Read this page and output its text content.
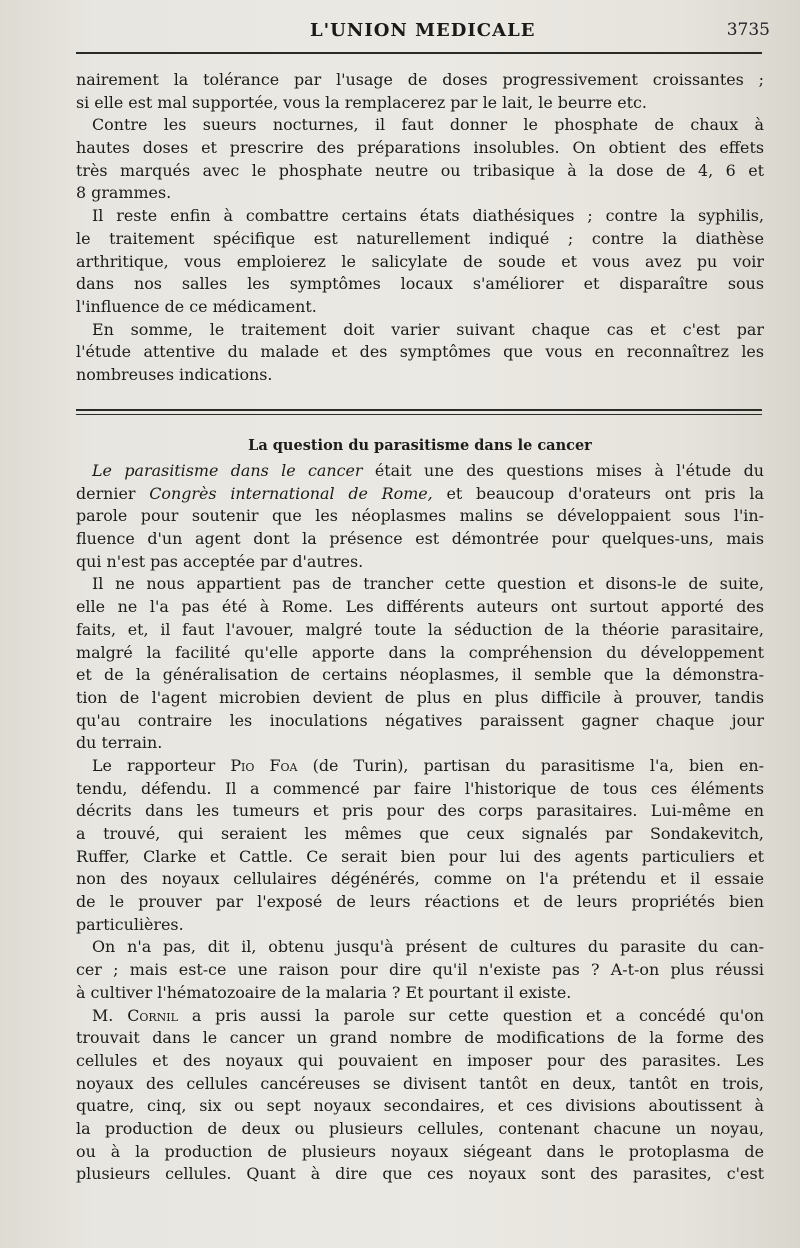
L'UNION MEDICALE	3735
nairement la tolérance par l'usage de doses progressivement croissantes ;
si elle est mal supportée, vous la remplacerez par le lait, le beurre etc.
Contre les sueurs nocturnes, il faut donner le phosphate de chaux à
hautes doses et prescrire des préparations insolubles. On obtient des effets
très marqués avec le phosphate neutre ou tribasique à la dose de 4, 6 et
8 grammes.
Il reste enfin à combattre certains états diathésiques ; contre la syphilis,
le traitement spécifique est naturellement indiqué ; contre la diathèse
arthritique, vous emploierez le salicylate de soude et vous avez pu voir
dans nos salles les symptômes locaux s'améliorer et disparaître sous
l'influence de ce médicament.
En somme, le traitement doit varier suivant chaque cas et c'est par
l'étude attentive du malade et des symptômes que vous en reconnaîtrez les
nombreuses indications.
La question du parasitisme dans le cancer
Le parasitisme dans le cancer était une des questions mises à l'étude du
dernier Congrès international de Rome, et beaucoup d'orateurs ont pris la
parole pour soutenir que les néoplasmes malins se développaient sous l'in-
fluence d'un agent dont la présence est démontrée pour quelques-uns, mais
qui n'est pas acceptée par d'autres.
Il ne nous appartient pas de trancher cette question et disons-le de suite,
elle ne l'a pas été à Rome. Les différents auteurs ont surtout apporté des
faits, et, il faut l'avouer, malgré toute la séduction de la théorie parasitaire,
malgré la facilité qu'elle apporte dans la compréhension du développement
et de la généralisation de certains néoplasmes, il semble que la démonstra-
tion de l'agent microbien devient de plus en plus difficile à prouver, tandis
qu'au contraire les inoculations négatives paraissent gagner chaque jour
du terrain.
Le rapporteur Pio Foa (de Turin), partisan du parasitisme l'a, bien en-
tendu, défendu. Il a commencé par faire l'historique de tous ces éléments
décrits dans les tumeurs et pris pour des corps parasitaires. Lui-même en
a trouvé, qui seraient les mêmes que ceux signalés par Sondakevitch,
Ruffer, Clarke et Cattle. Ce serait bien pour lui des agents particuliers et
non des noyaux cellulaires dégénérés, comme on l'a prétendu et il essaie
de le prouver par l'exposé de leurs réactions et de leurs propriétés bien
particulières.
On n'a pas, dit il, obtenu jusqu'à présent de cultures du parasite du can-
cer ; mais est-ce une raison pour dire qu'il n'existe pas ? A-t-on plus réussi
à cultiver l'hématozoaire de la malaria ? Et pourtant il existe.
M. Cornil a pris aussi la parole sur cette question et a concédé qu'on
trouvait dans le cancer un grand nombre de modifications de la forme des
cellules et des noyaux qui pouvaient en imposer pour des parasites. Les
noyaux des cellules cancéreuses se divisent tantôt en deux, tantôt en trois,
quatre, cinq, six ou sept noyaux secondaires, et ces divisions aboutissent à
la production de deux ou plusieurs cellules, contenant chacune un noyau,
ou à la production de plusieurs noyaux siégeant dans le protoplasma de
plusieurs cellules. Quant à dire que ces noyaux sont des parasites, c'est
